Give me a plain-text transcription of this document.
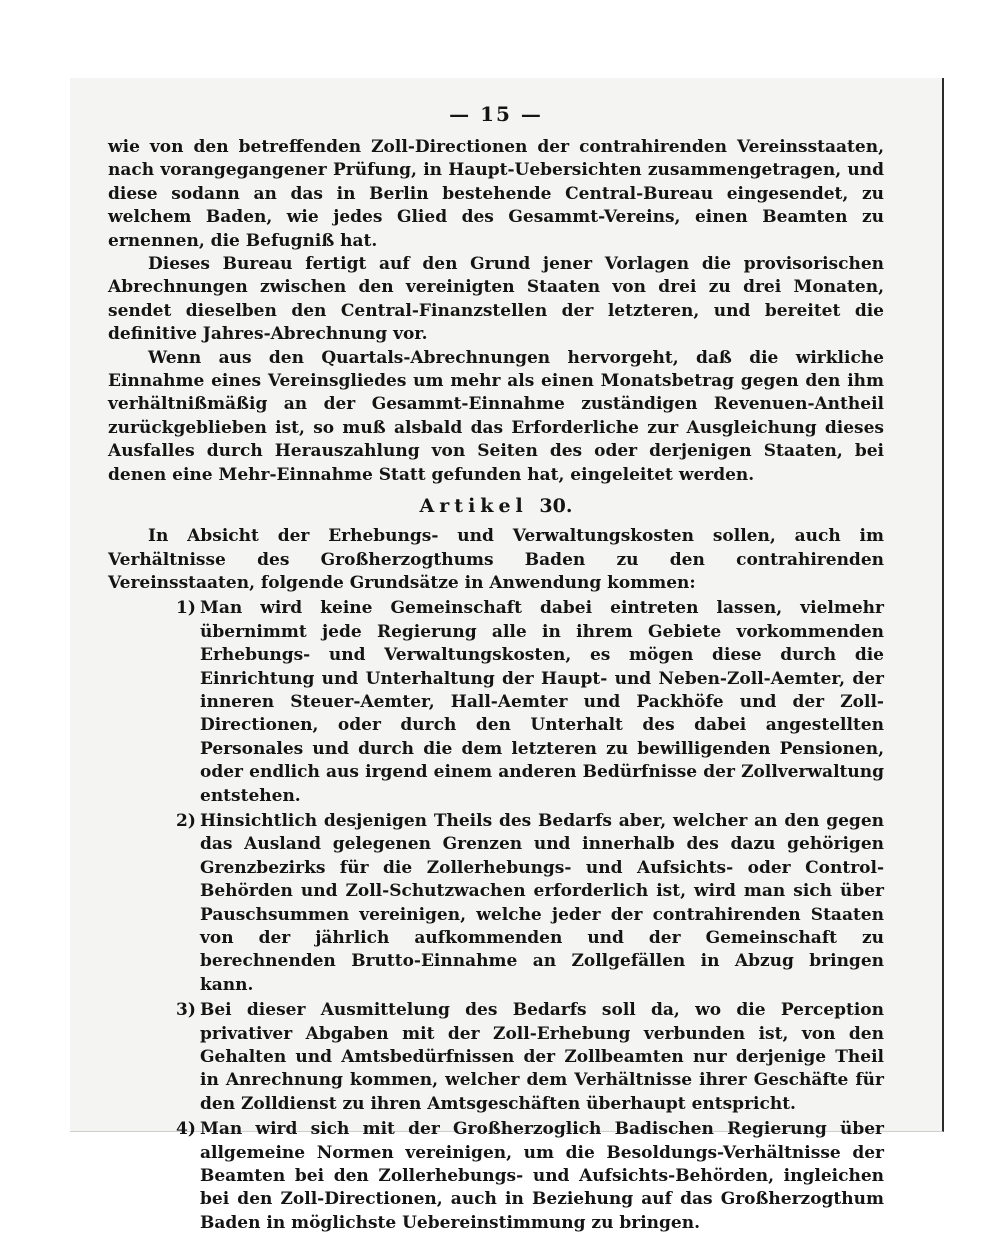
— 15 —

wie von den betreffenden Zoll-Directionen der contrahirenden Vereinsstaaten, nach vorangegangener Prüfung, in Haupt-Uebersichten zusammengetragen, und diese sodann an das in Berlin bestehende Central-Bureau eingesendet, zu welchem Baden, wie jedes Glied des Gesammt-Vereins, einen Beamten zu ernennen, die Befugniß hat.

Dieses Bureau fertigt auf den Grund jener Vorlagen die provisorischen Abrechnungen zwischen den vereinigten Staaten von drei zu drei Monaten, sendet dieselben den Central-Finanzstellen der letzteren, und bereitet die definitive Jahres-Abrechnung vor.

Wenn aus den Quartals-Abrechnungen hervorgeht, daß die wirkliche Einnahme eines Vereinsgliedes um mehr als einen Monatsbetrag gegen den ihm verhältnißmäßig an der Gesammt-Einnahme zuständigen Revenuen-Antheil zurückgeblieben ist, so muß alsbald das Erforderliche zur Ausgleichung dieses Ausfalles durch Herauszahlung von Seiten des oder derjenigen Staaten, bei denen eine Mehr-Einnahme Statt gefunden hat, eingeleitet werden.

Artikel 30.

In Absicht der Erhebungs- und Verwaltungskosten sollen, auch im Verhältnisse des Großherzogthums Baden zu den contrahirenden Vereinsstaaten, folgende Grundsätze in Anwendung kommen:

1) Man wird keine Gemeinschaft dabei eintreten lassen, vielmehr übernimmt jede Regierung alle in ihrem Gebiete vorkommenden Erhebungs- und Verwaltungskosten, es mögen diese durch die Einrichtung und Unterhaltung der Haupt- und Neben-Zoll-Aemter, der inneren Steuer-Aemter, Hall-Aemter und Packhöfe und der Zoll-Directionen, oder durch den Unterhalt des dabei angestellten Personales und durch die dem letzteren zu bewilligenden Pensionen, oder endlich aus irgend einem anderen Bedürfnisse der Zollverwaltung entstehen.

2) Hinsichtlich desjenigen Theils des Bedarfs aber, welcher an den gegen das Ausland gelegenen Grenzen und innerhalb des dazu gehörigen Grenzbezirks für die Zollerhebungs- und Aufsichts- oder Control-Behörden und Zoll-Schutzwachen erforderlich ist, wird man sich über Pauschsummen vereinigen, welche jeder der contrahirenden Staaten von der jährlich aufkommenden und der Gemeinschaft zu berechnenden Brutto-Einnahme an Zollgefällen in Abzug bringen kann.

3) Bei dieser Ausmittelung des Bedarfs soll da, wo die Perception privativer Abgaben mit der Zoll-Erhebung verbunden ist, von den Gehalten und Amtsbedürfnissen der Zollbeamten nur derjenige Theil in Anrechnung kommen, welcher dem Verhältnisse ihrer Geschäfte für den Zolldienst zu ihren Amtsgeschäften überhaupt entspricht.

4) Man wird sich mit der Großherzoglich Badischen Regierung über allgemeine Normen vereinigen, um die Besoldungs-Verhältnisse der Beamten bei den Zollerhebungs- und Aufsichts-Behörden, ingleichen bei den Zoll-Directionen, auch in Beziehung auf das Großherzogthum Baden in möglichste Uebereinstimmung zu bringen.
